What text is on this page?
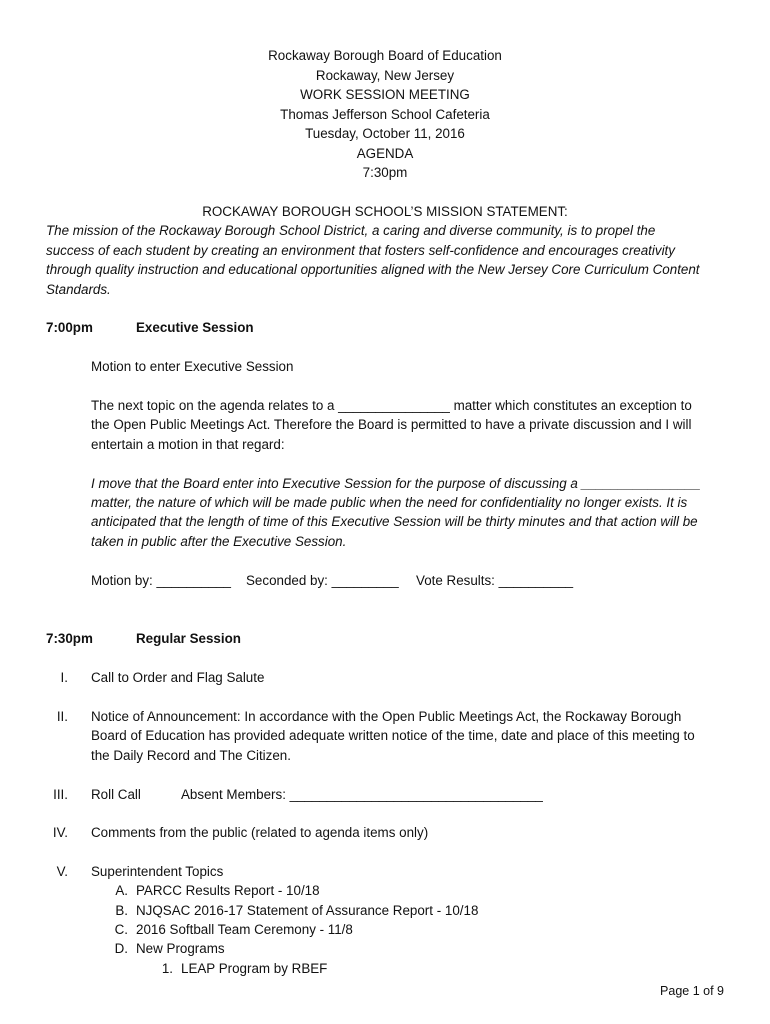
Rockaway Borough Board of Education
Rockaway, New Jersey
WORK SESSION MEETING
Thomas Jefferson School Cafeteria
Tuesday, October 11, 2016
AGENDA
7:30pm
ROCKAWAY BOROUGH SCHOOL’S MISSION STATEMENT:
The mission of the Rockaway Borough School District, a caring and diverse community, is to propel the
success of each student by creating an environment that fosters self-confidence and encourages creativity
through quality instruction and educational opportunities aligned with the New Jersey Core Curriculum Content
Standards.
7:00pm	Executive Session
Motion to enter Executive Session
The next topic on the agenda relates to a _______________ matter which constitutes an exception to
the Open Public Meetings Act. Therefore the Board is permitted to have a private discussion and I will
entertain a motion in that regard:
I move that the Board enter into Executive Session for the purpose of discussing a ________________
matter, the nature of which will be made public when the need for confidentiality no longer exists. It is
anticipated that the length of time of this Executive Session will be thirty minutes and that action will be
taken in public after the Executive Session.
Motion by: __________ Seconded by: _________ Vote Results: __________
7:30pm	Regular Session
I. Call to Order and Flag Salute
II. Notice of Announcement: In accordance with the Open Public Meetings Act, the Rockaway Borough
Board of Education has provided adequate written notice of the time, date and place of this meeting to
the Daily Record and The Citizen.
III. Roll Call	Absent Members: __________________________________
IV. Comments from the public (related to agenda items only)
V. Superintendent Topics
A. PARCC Results Report - 10/18
B. NJQSAC 2016-17 Statement of Assurance Report - 10/18
C. 2016 Softball Team Ceremony - 11/8
D. New Programs
1. LEAP Program by RBEF
Page 1 of 9
